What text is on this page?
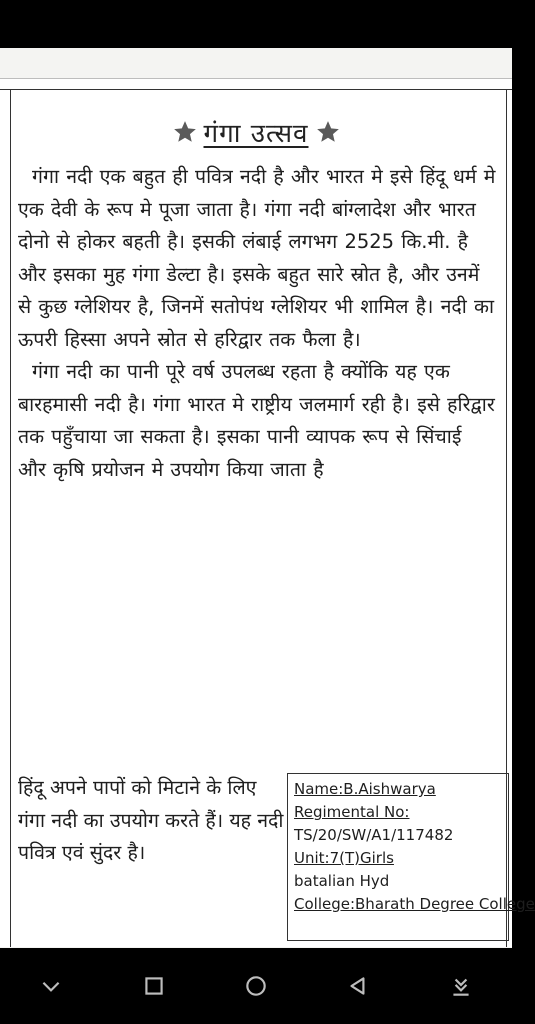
गंगा उत्सव

गंगा नदी एक बहुत ही पवित्र नदी है और भारत मे इसे हिंदू धर्म मे एक देवी के रूप मे पूजा जाता है। गंगा नदी बांग्लादेश और भारत दोनो से होकर बहती है। इसकी लंबाई लगभग 2525 कि.मी. है और इसका मुह गंगा डेल्टा है। इसके बहुत सारे स्रोत है, और उनमें से कुछ ग्लेशियर है, जिनमें सतोपंथ ग्लेशियर भी शामिल है। नदी का ऊपरी हिस्सा अपने स्रोत से हरिद्वार तक फैला है।

गंगा नदी का पानी पूरे वर्ष उपलब्ध रहता है क्योंकि यह एक बारहमासी नदी है। गंगा भारत मे राष्ट्रीय जलमार्ग रही है। इसे हरिद्वार तक पहुँचाया जा सकता है। इसका पानी व्यापक रूप से सिंचाई और कृषि प्रयोजन मे उपयोग किया जाता है

हिंदू अपने पापों को मिटाने के लिए गंगा नदी का उपयोग करते हैं। यह नदी पवित्र एवं सुंदर है।
Name:B.Aishwarya
Regimental No:
TS/20/SW/A1/117482
Unit:7(T)Girls
batalian Hyd
College:Bharath Degree College
